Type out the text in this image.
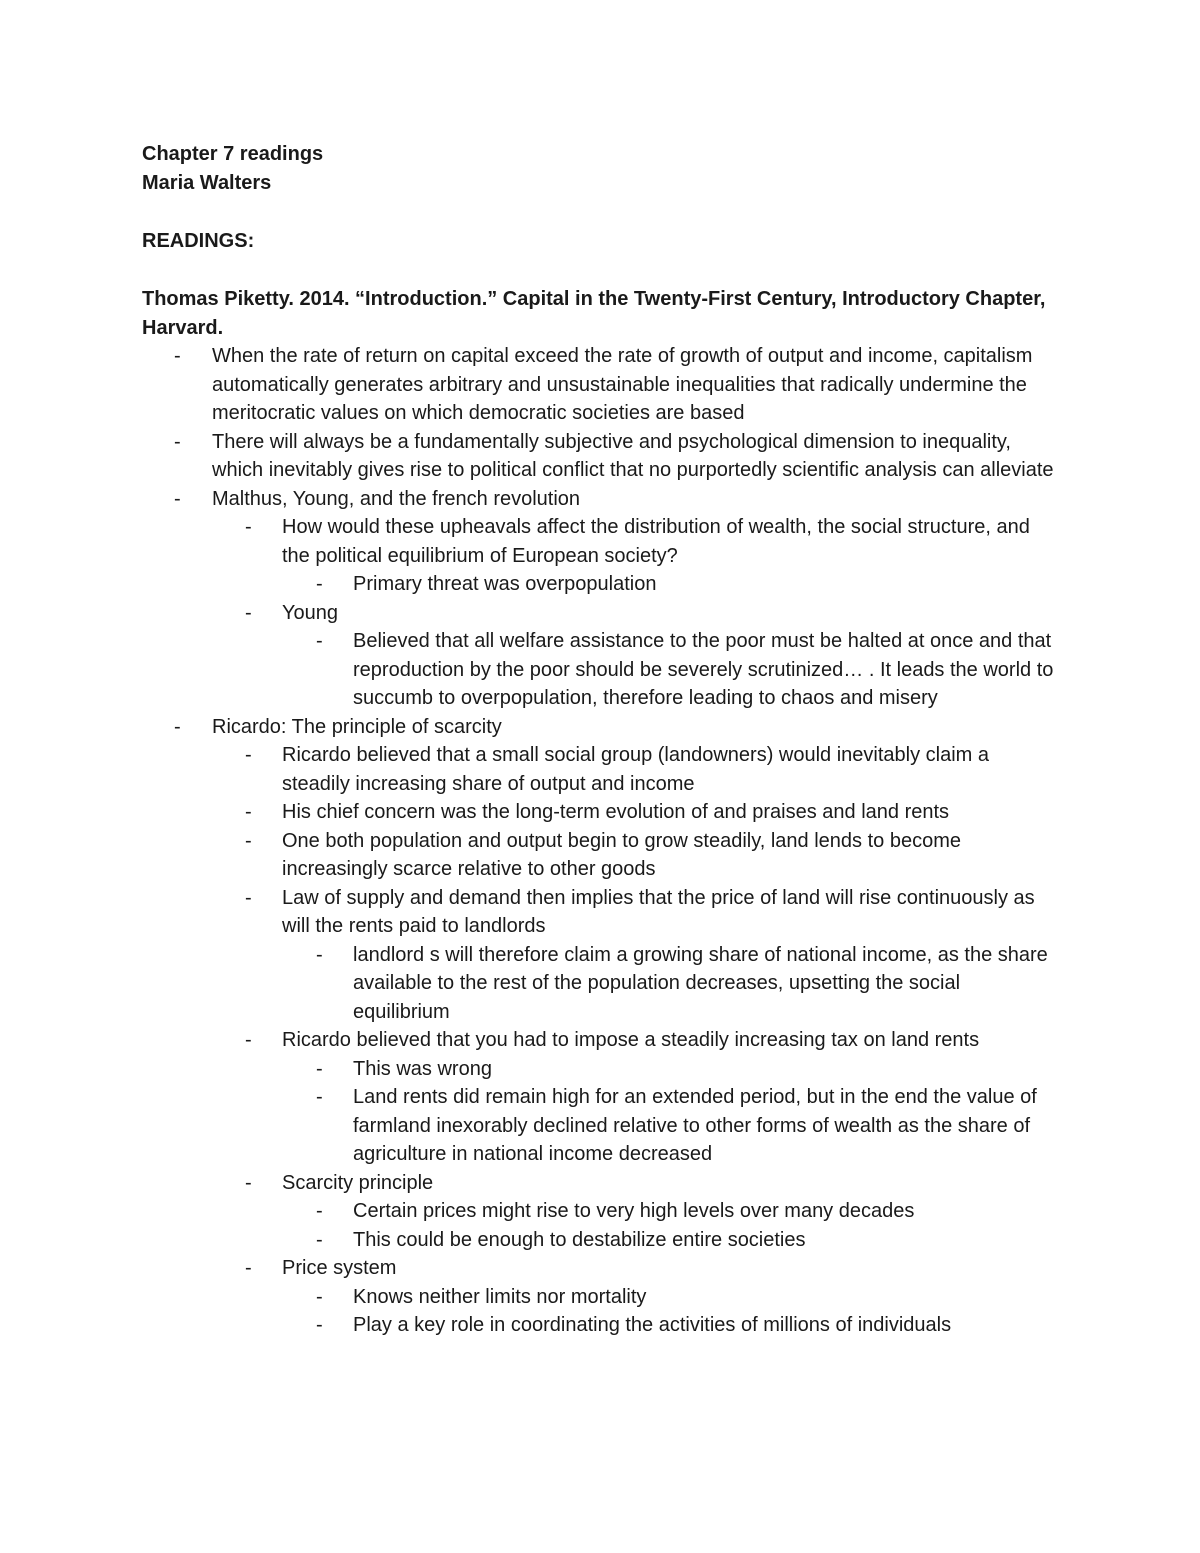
Chapter 7 readings

Maria Walters

READINGS:

Thomas Piketty. 2014. “Introduction.” Capital in the Twenty-First Century, Introductory Chapter, Harvard.

-	When the rate of return on capital exceed the rate of growth of output and income, capitalism automatically generates arbitrary and unsustainable inequalities that radically undermine the meritocratic values on which democratic societies are based
-	There will always be a fundamentally subjective and psychological dimension to inequality, which inevitably gives rise to political conflict that no purportedly scientific analysis can alleviate
-	Malthus, Young, and the french revolution
-	How would these upheavals affect the distribution of wealth, the social structure, and the political equilibrium of European society?
-	Primary threat was overpopulation
-	Young
-	Believed that all welfare assistance to the poor must be halted at once and that reproduction by the poor should be severely scrutinized… . It leads the world to succumb to overpopulation, therefore leading to chaos and misery
-	Ricardo: The principle of scarcity
-	Ricardo believed that a small social group (landowners) would inevitably claim a steadily increasing share of output and income
-	His chief concern was the long-term evolution of and praises and land rents
-	One both population and output begin to grow steadily, land lends to become increasingly scarce relative to other goods
-	Law of supply and demand then implies that the price of land will rise continuously as will the rents paid to landlords
-	landlord s will therefore claim a growing share of national income, as the share available to the rest of the population decreases, upsetting the social equilibrium
-	Ricardo believed that you had to impose a steadily increasing tax on land rents
-	This was wrong
-	Land rents did remain high for an extended period, but in the end the value of farmland inexorably declined relative to other forms of wealth as the share of agriculture in national income decreased
-	Scarcity principle
-	Certain prices might rise to very high levels over many decades
-	This could be enough to destabilize entire societies
-	Price system
-	Knows neither limits nor mortality
-	Play a key role in coordinating the activities of millions of individuals
